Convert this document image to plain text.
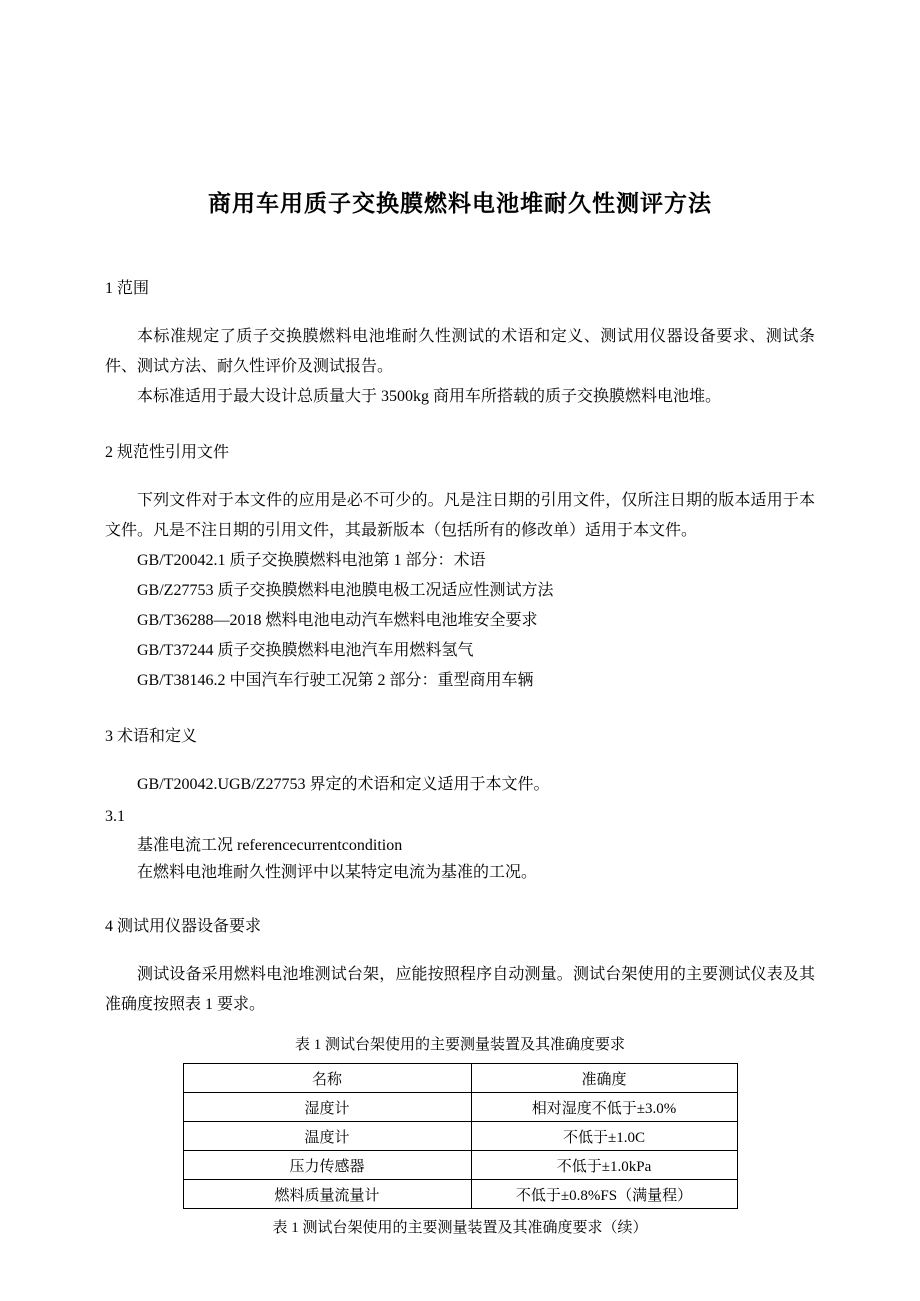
商用车用质子交换膜燃料电池堆耐久性测评方法
1 范围

本标准规定了质子交换膜燃料电池堆耐久性测试的术语和定义、测试用仪器设备要求、测试条件、测试方法、耐久性评价及测试报告。

本标准适用于最大设计总质量大于 3500kg 商用车所搭载的质子交换膜燃料电池堆。

2 规范性引用文件

下列文件对于本文件的应用是必不可少的。凡是注日期的引用文件，仅所注日期的版本适用于本文件。凡是不注日期的引用文件，其最新版本（包括所有的修改单）适用于本文件。

GB/T20042.1 质子交换膜燃料电池第 1 部分：术语
GB/Z27753 质子交换膜燃料电池膜电极工况适应性测试方法
GB/T36288—2018 燃料电池电动汽车燃料电池堆安全要求
GB/T37244 质子交换膜燃料电池汽车用燃料氢气
GB/T38146.2 中国汽车行驶工况第 2 部分：重型商用车辆
3 术语和定义

GB/T20042.UGB/Z27753 界定的术语和定义适用于本文件。

3.1
基准电流工况 referencecurrentcondition
在燃料电池堆耐久性测评中以某特定电流为基准的工况。
4 测试用仪器设备要求

测试设备采用燃料电池堆测试台架，应能按照程序自动测量。测试台架使用的主要测试仪表及其准确度按照表 1 要求。

表 1 测试台架使用的主要测量装置及其准确度要求
名称	准确度
湿度计	相对湿度不低于±3.0%
温度计	不低于±1.0C
压力传感器	不低于±1.0kPa
燃料质量流量计	不低于±0.8%FS（满量程）
表 1 测试台架使用的主要测量装置及其准确度要求（续）
